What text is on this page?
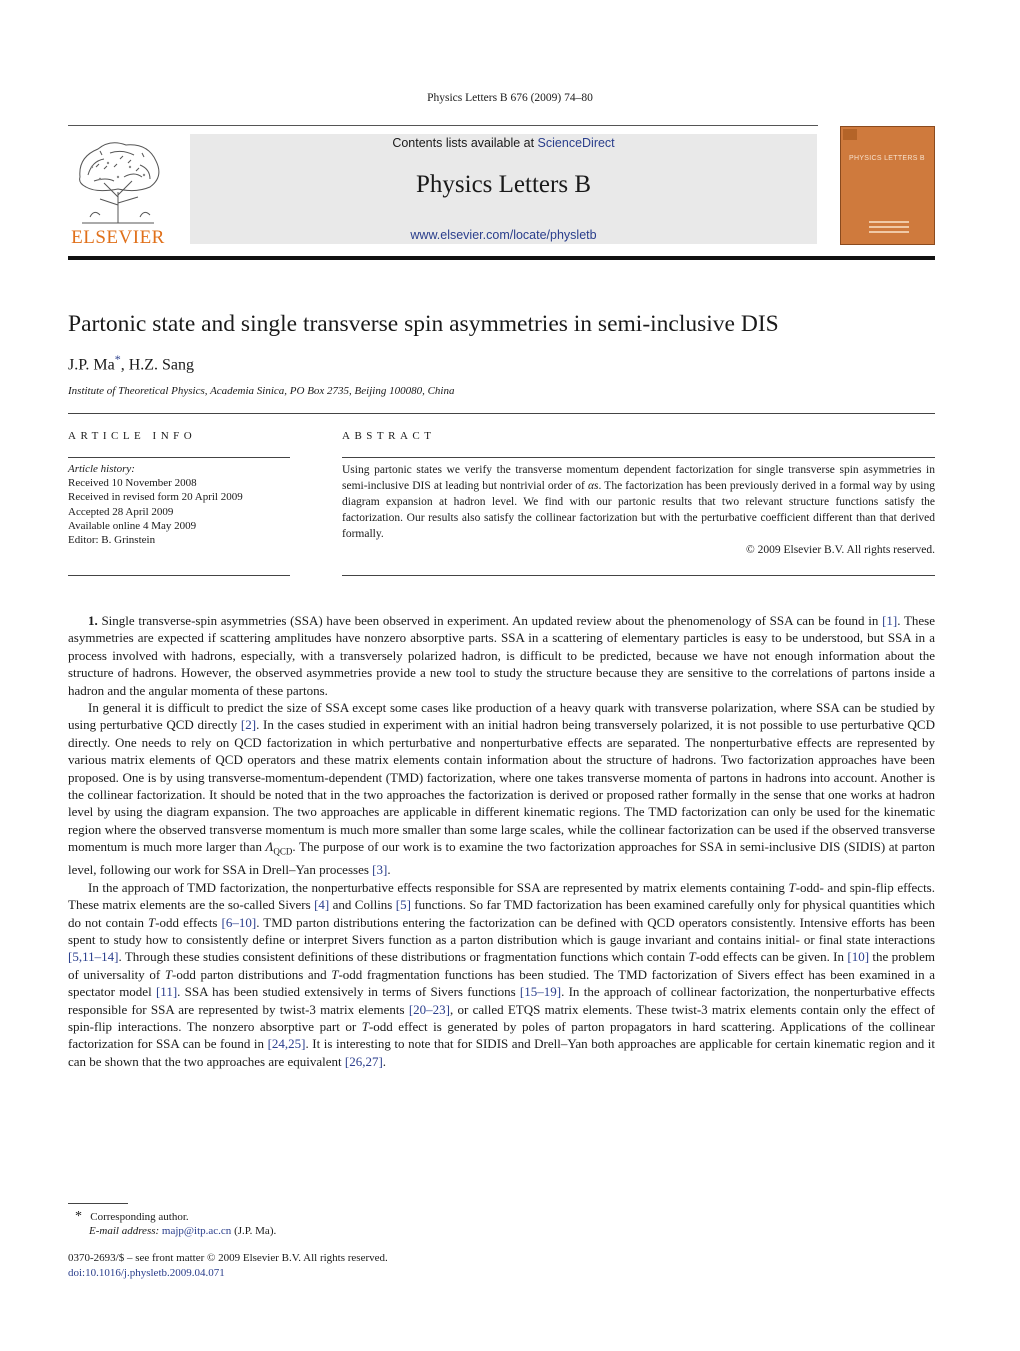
Physics Letters B 676 (2009) 74–80
ELSEVIER
Contents lists available at ScienceDirect
Physics Letters B
www.elsevier.com/locate/physletb
PHYSICS LETTERS B
Partonic state and single transverse spin asymmetries in semi-inclusive DIS
J.P. Ma*, H.Z. Sang
Institute of Theoretical Physics, Academia Sinica, PO Box 2735, Beijing 100080, China
ARTICLE INFO	ABSTRACT
Article history:
Received 10 November 2008
Received in revised form 20 April 2009
Accepted 28 April 2009
Available online 4 May 2009
Editor: B. Grinstein
Using partonic states we verify the transverse momentum dependent factorization for single transverse spin asymmetries in semi-inclusive DIS at leading but nontrivial order of αs. The factorization has been previously derived in a formal way by using diagram expansion at hadron level. We find with our partonic results that two relevant structure functions satisfy the factorization. Our results also satisfy the collinear factorization but with the perturbative coefficient different than that derived formally.
© 2009 Elsevier B.V. All rights reserved.

1. Single transverse-spin asymmetries (SSA) have been observed in experiment. An updated review about the phenomenology of SSA can be found in [1]. These asymmetries are expected if scattering amplitudes have nonzero absorptive parts. SSA in a scattering of elementary particles is easy to be understood, but SSA in a process involved with hadrons, especially, with a transversely polarized hadron, is difficult to be predicted, because we have not enough information about the structure of hadrons. However, the observed asymmetries provide a new tool to study the structure because they are sensitive to the correlations of partons inside a hadron and the angular momenta of these partons.

In general it is difficult to predict the size of SSA except some cases like production of a heavy quark with transverse polarization, where SSA can be studied by using perturbative QCD directly [2]. In the cases studied in experiment with an initial hadron being transversely polarized, it is not possible to use perturbative QCD directly. One needs to rely on QCD factorization in which perturbative and nonperturbative effects are separated. The nonperturbative effects are represented by various matrix elements of QCD operators and these matrix elements contain information about the structure of hadrons. Two factorization approaches have been proposed. One is by using transverse-momentum-dependent (TMD) factorization, where one takes transverse momenta of partons in hadrons into account. Another is the collinear factorization. It should be noted that in the two approaches the factorization is derived or proposed rather formally in the sense that one works at hadron level by using the diagram expansion. The two approaches are applicable in different kinematic regions. The TMD factorization can only be used for the kinematic region where the observed transverse momentum is much more smaller than some large scales, while the collinear factorization can be used if the observed transverse momentum is much more larger than $\Lambda_{QCD}$. The purpose of our work is to examine the two factorization approaches for SSA in semi-inclusive DIS (SIDIS) at parton level, following our work for SSA in Drell–Yan processes [3].

In the approach of TMD factorization, the nonperturbative effects responsible for SSA are represented by matrix elements containing T-odd- and spin-flip effects. These matrix elements are the so-called Sivers [4] and Collins [5] functions. So far TMD factorization has been examined carefully only for physical quantities which do not contain T-odd effects [6–10]. TMD parton distributions entering the factorization can be defined with QCD operators consistently. Intensive efforts has been spent to study how to consistently define or interpret Sivers function as a parton distribution which is gauge invariant and contains initial- or final state interactions [5,11–14]. Through these studies consistent definitions of these distributions or fragmentation functions which contain T-odd effects can be given. In [10] the problem of universality of T-odd parton distributions and T-odd fragmentation functions has been studied. The TMD factorization of Sivers effect has been examined in a spectator model [11]. SSA has been studied extensively in terms of Sivers functions [15–19]. In the approach of collinear factorization, the nonperturbative effects responsible for SSA are represented by twist-3 matrix elements [20–23], or called ETQS matrix elements. These twist-3 matrix elements contain only the effect of spin-flip interactions. The nonzero absorptive part or T-odd effect is generated by poles of parton propagators in hard scattering. Applications of the collinear factorization for SSA can be found in [24,25]. It is interesting to note that for SIDIS and Drell–Yan both approaches are applicable for certain kinematic region and it can be shown that the two approaches are equivalent [26,27].

* Corresponding author.
E-mail address: majp@itp.ac.cn (J.P. Ma).
0370-2693/$ – see front matter © 2009 Elsevier B.V. All rights reserved.
doi:10.1016/j.physletb.2009.04.071
